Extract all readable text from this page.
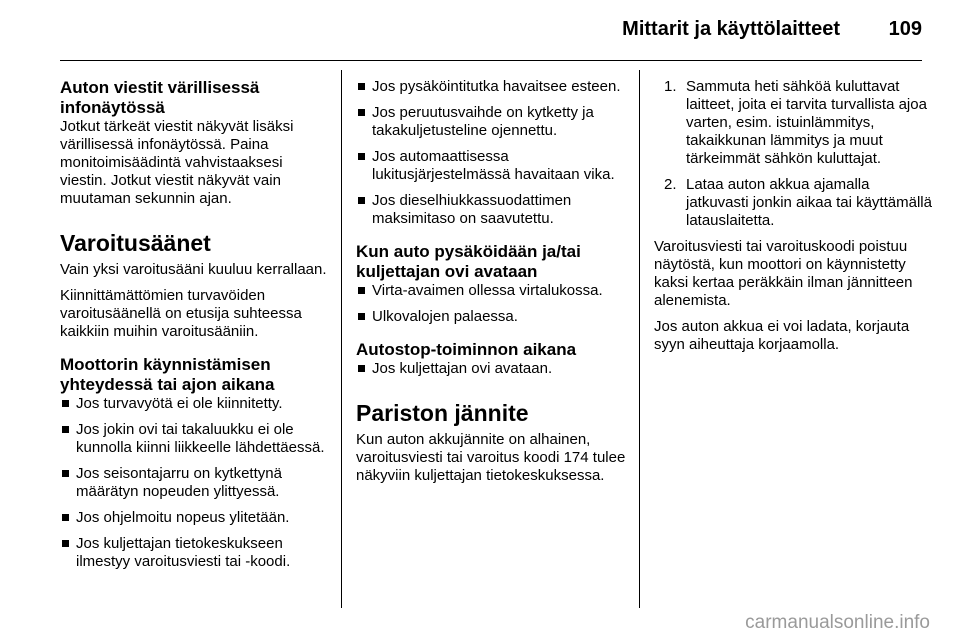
Mittarit ja käyttölaitteet 109
Auton viestit värillisessä infonäytössä

Jotkut tärkeät viestit näkyvät lisäksi värillisessä infonäytössä. Paina monitoimisäädintä vahvistaaksesi viestin. Jotkut viestit näkyvät vain muutaman sekunnin ajan.

Varoitusäänet

Vain yksi varoitusääni kuuluu kerrallaan.

Kiinnittämättömien turvavöiden varoitusäänellä on etusija suhteessa kaikkiin muihin varoitusääniin.

Moottorin käynnistämisen yhteydessä tai ajon aikana
Jos turvavyötä ei ole kiinnitetty.
Jos jokin ovi tai takaluukku ei ole kunnolla kiinni liikkeelle lähdettäessä.
Jos seisontajarru on kytkettynä määrätyn nopeuden ylittyessä.
Jos ohjelmoitu nopeus ylitetään.
Jos kuljettajan tietokeskukseen ilmestyy varoitusviesti tai -koodi.
Jos pysäköintitutka havaitsee esteen.
Jos peruutusvaihde on kytketty ja takakuljetusteline ojennettu.
Jos automaattisessa lukitusjärjestelmässä havaitaan vika.
Jos dieselhiukkassuodattimen maksimitaso on saavutettu.
Kun auto pysäköidään ja/tai kuljettajan ovi avataan
Virta-avaimen ollessa virtalukossa.
Ulkovalojen palaessa.
Autostop-toiminnon aikana
Jos kuljettajan ovi avataan.
Pariston jännite

Kun auton akkujännite on alhainen, varoitusviesti tai varoitus koodi 174 tulee näkyviin kuljettajan tietokeskuksessa.

1. Sammuta heti sähköä kuluttavat laitteet, joita ei tarvita turvallista ajoa varten, esim. istuinlämmitys, takaikkunan lämmitys ja muut tärkeimmät sähkön kuluttajat.
2. Lataa auton akkua ajamalla jatkuvasti jonkin aikaa tai käyttämällä latauslaitetta.

Varoitusviesti tai varoituskoodi poistuu näytöstä, kun moottori on käynnistetty kaksi kertaa peräkkäin ilman jännitteen alenemista.

Jos auton akkua ei voi ladata, korjauta syyn aiheuttaja korjaamolla.

carmanualsonline.info
